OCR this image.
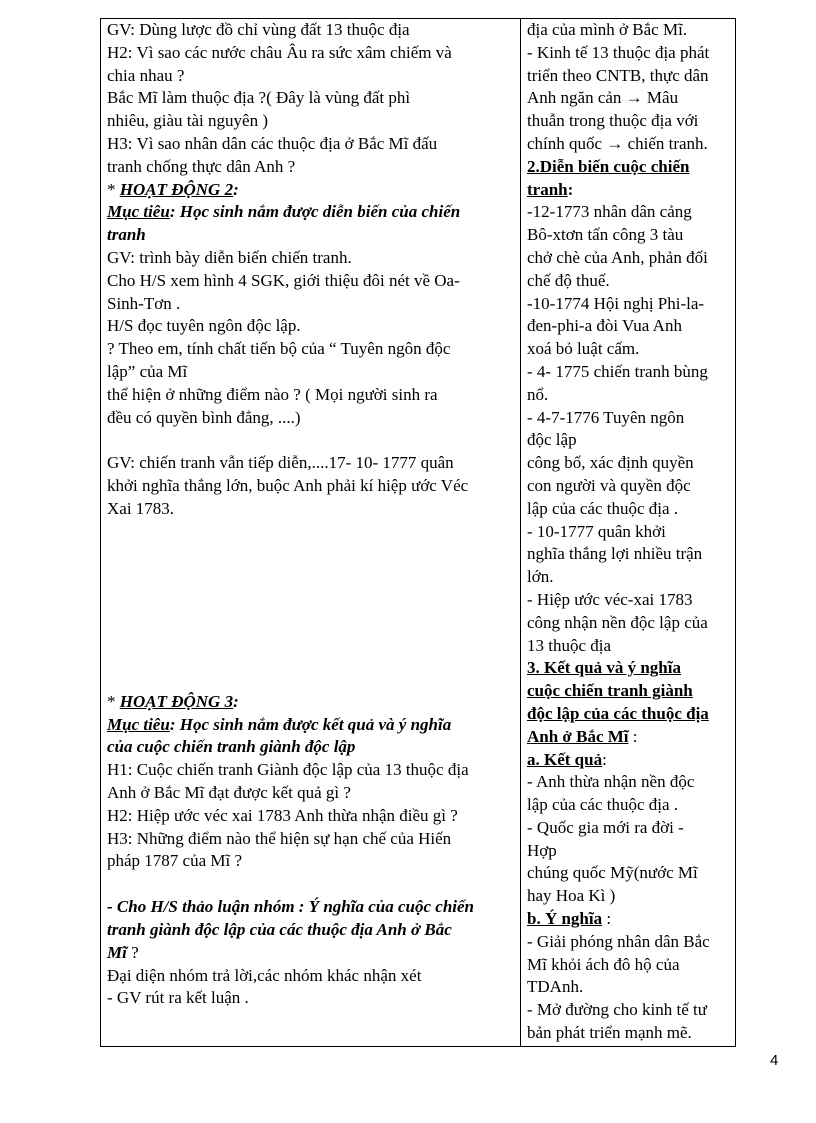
GV: Dùng lược đồ chỉ vùng đất 13 thuộc địa
H2: Vì sao các nước châu Âu ra sức xâm chiếm và
chia nhau ?
Bắc Mĩ làm thuộc địa ?( Đây là vùng đất phì
nhiêu, giàu tài nguyên )
H3: Vì sao nhân dân các thuộc địa ở Bắc Mĩ đấu
tranh chống thực dân Anh ?
* HOẠT ĐỘNG 2:
Mục tiêu: Học sinh nắm được diễn biến của chiến
tranh
GV: trình bày diễn biến chiến tranh.
Cho H/S xem hình 4 SGK, giới thiệu đôi nét về Oa-
Sinh-Tơn .
H/S đọc tuyên ngôn độc lập.
? Theo em, tính chất tiến bộ của “ Tuyên ngôn độc
lập” của Mĩ
thể hiện ở những điểm nào ? ( Mọi người sinh ra
đều có quyền bình đẳng, ....)
GV: chiến tranh vẫn tiếp diễn,....17- 10- 1777 quân
khởi nghĩa thắng lớn, buộc Anh phải kí hiệp ước Véc
Xai 1783.
* HOẠT ĐỘNG 3:
Mục tiêu: Học sinh nắm được kết quả và ý nghĩa
của cuộc chiến tranh giành độc lập
H1: Cuộc chiến tranh Giành độc lập của 13 thuộc địa
Anh ở Bắc Mĩ đạt được kết quả gì ?
H2: Hiệp ước véc xai 1783 Anh thừa nhận điều gì ?
H3: Những điểm nào thể hiện sự hạn chế của Hiến
pháp 1787 của Mĩ ?
- Cho H/S thảo luận nhóm : Ý nghĩa của cuộc chiến
tranh giành độc lập của các thuộc địa Anh ở Bắc
Mĩ ?
Đại diện nhóm trả lời,các nhóm khác nhận xét
- GV rút ra kết luận .
địa của mình ở Bắc Mĩ.
- Kinh tế 13 thuộc địa phát
triển theo CNTB, thực dân
Anh ngăn cản → Mâu
thuẫn trong thuộc địa với
chính quốc → chiến tranh.
2.Diễn biến cuộc chiến
tranh:
-12-1773 nhân dân cảng
Bô-xtơn tấn công 3 tàu
chở chè của Anh, phản đối
chế độ thuế.
-10-1774 Hội nghị Phi-la-
đen-phi-a đòi Vua Anh
xoá bỏ luật cấm.
- 4- 1775 chiến tranh bùng
nổ.
- 4-7-1776 Tuyên ngôn
độc lập
công bố, xác định quyền
con người và quyền độc
lập của các thuộc địa .
- 10-1777 quân khởi
nghĩa thắng lợi nhiều trận
lớn.
- Hiệp ước véc-xai 1783
công nhận nền độc lập của
13 thuộc địa
3. Kết quả và ý nghĩa
cuộc chiến tranh giành
độc lập của các thuộc địa
Anh ở Bắc Mĩ :
a. Kết quả:
- Anh thừa nhận nền độc
lập của các thuộc địa .
- Quốc gia mới ra đời -
Hợp
chúng quốc Mỹ(nước Mĩ
hay Hoa Kì )
b. Ý nghĩa :
- Giải phóng nhân dân Bắc
Mĩ khỏi ách đô hộ của
TDAnh.
- Mở đường cho kinh tế tư
bản phát triển mạnh mẽ.
4
